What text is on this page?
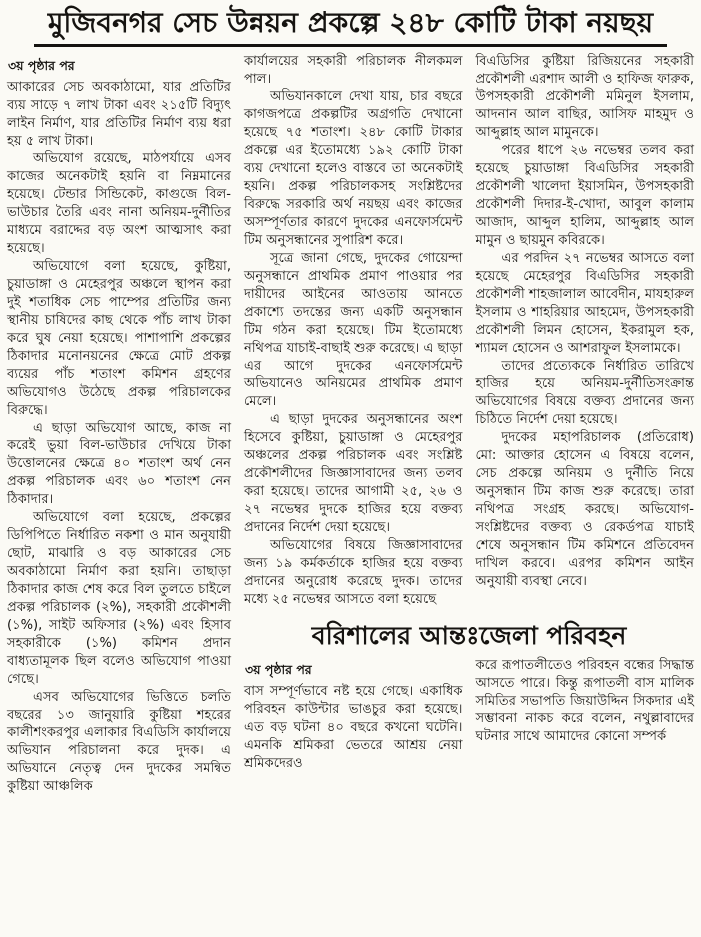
মুজিবনগর সেচ উন্নয়ন প্রকল্পে ২৪৮ কোটি টাকা নয়ছয়
৩য় পৃষ্ঠার পর

আকারের সেচ অবকাঠামো, যার প্রতিটির ব্যয় সাড়ে ৭ লাখ টাকা এবং ২১৫টি বিদ্যুৎ লাইন নির্মাণ, যার প্রতিটির নির্মাণ ব্যয় ধরা হয় ৫ লাখ টাকা।

অভিযোগ রয়েছে, মাঠপর্যায়ে এসব কাজের অনেকটাই হয়নি বা নিম্নমানের হয়েছে। টেন্ডার সিন্ডিকেট, কাগুজে বিল-ভাউচার তৈরি এবং নানা অনিয়ম-দুর্নীতির মাধ্যমে বরাদ্দের বড় অংশ আত্মসাৎ করা হয়েছে।

অভিযোগে বলা হয়েছে, কুষ্টিয়া, চুয়াডাঙ্গা ও মেহেরপুর অঞ্চলে স্থাপন করা দুই শতাধিক সেচ পাম্পের প্রতিটির জন্য স্থানীয় চাষিদের কাছ থেকে পাঁচ লাখ টাকা করে ঘুষ নেয়া হয়েছে। পাশাপাশি প্রকল্পের ঠিকাদার মনোনয়নের ক্ষেত্রে মোট প্রকল্প ব্যয়ের পাঁচ শতাংশ কমিশন গ্রহণের অভিযোগও উঠেছে প্রকল্প পরিচালকের বিরুদ্ধে।

এ ছাড়া অভিযোগ আছে, কাজ না করেই ভুয়া বিল-ভাউচার দেখিয়ে টাকা উত্তোলনের ক্ষেত্রে ৪০ শতাংশ অর্থ নেন প্রকল্প পরিচালক এবং ৬০ শতাংশ নেন ঠিকাদার।

অভিযোগে বলা হয়েছে, প্রকল্পের ডিপিপিতে নির্ধারিত নকশা ও মান অনুযায়ী ছোট, মাঝারি ও বড় আকারের সেচ অবকাঠামো নির্মাণ করা হয়নি। তাছাড়া ঠিকাদার কাজ শেষ করে বিল তুলতে চাইলে প্রকল্প পরিচালক (২%), সহকারী প্রকৌশলী (১%), সাইট অফিসার (২%) এবং হিসাব সহকারীকে (১%) কমিশন প্রদান বাধ্যতামূলক ছিল বলেও অভিযোগ পাওয়া গেছে।

এসব অভিযোগের ভিত্তিতে চলতি বছরের ১৩ জানুয়ারি কুষ্টিয়া শহরের কালীশংকরপুর এলাকার বিএডিসি কার্যালয়ে অভিযান পরিচালনা করে দুদক। এ অভিযানে নেতৃত্ব দেন দুদকের সমন্বিত কুষ্টিয়া আঞ্চলিক

কার্যালয়ের সহকারী পরিচালক নীলকমল পাল।

অভিযানকালে দেখা যায়, চার বছরে কাগজপত্রে প্রকল্পটির অগ্রগতি দেখানো হয়েছে ৭৫ শতাংশ। ২৪৮ কোটি টাকার প্রকল্পে এর ইতোমধ্যে ১৯২ কোটি টাকা ব্যয় দেখানো হলেও বাস্তবে তা অনেকটাই হয়নি। প্রকল্প পরিচালকসহ সংশ্লিষ্টদের বিরুদ্ধে সরকারি অর্থ নয়ছয় এবং কাজের অসম্পূর্ণতার কারণে দুদকের এনফোর্সমেন্ট টিম অনুসন্ধানের সুপারিশ করে।

সূত্রে জানা গেছে, দুদকের গোয়েন্দা অনুসন্ধানে প্রাথমিক প্রমাণ পাওয়ার পর দায়ীদের আইনের আওতায় আনতে প্রকাশ্যে তদন্তের জন্য একটি অনুসন্ধান টিম গঠন করা হয়েছে। টিম ইতোমধ্যে নথিপত্র যাচাই-বাছাই শুরু করেছে। এ ছাড়া এর আগে দুদকের এনফোর্সমেন্ট অভিযানেও অনিয়মের প্রাথমিক প্রমাণ মেলে।

এ ছাড়া দুদকের অনুসন্ধানের অংশ হিসেবে কুষ্টিয়া, চুয়াডাঙ্গা ও মেহেরপুর অঞ্চলের প্রকল্প পরিচালক এবং সংশ্লিষ্ট প্রকৌশলীদের জিজ্ঞাসাবাদের জন্য তলব করা হয়েছে। তাদের আগামী ২৫, ২৬ ও ২৭ নভেম্বর দুদকে হাজির হয়ে বক্তব্য প্রদানের নির্দেশ দেয়া হয়েছে।

অভিযোগের বিষয়ে জিজ্ঞাসাবাদের জন্য ১৯ কর্মকর্তাকে হাজির হয়ে বক্তব্য প্রদানের অনুরোধ করেছে দুদক। তাদের মধ্যে ২৫ নভেম্বর আসতে বলা হয়েছে

বিএডিসির কুষ্টিয়া রিজিয়নের সহকারী প্রকৌশলী এরশাদ আলী ও হাফিজ ফারুক, উপসহকারী প্রকৌশলী মমিনুল ইসলাম, আদনান আল বাছির, আসিফ মাহমুদ ও আব্দুল্লাহ আল মামুনকে।

পরের ধাপে ২৬ নভেম্বর তলব করা হয়েছে চুয়াডাঙ্গা বিএডিসির সহকারী প্রকৌশলী খালেদা ইয়াসমিন, উপসহকারী প্রকৌশলী দিদার-ই-খোদা, আবুল কালাম আজাদ, আব্দুল হালিম, আব্দুল্লাহ আল মামুন ও ছায়মুন কবিরকে।

এর পরদিন ২৭ নভেম্বর আসতে বলা হয়েছে মেহেরপুর বিএডিসির সহকারী প্রকৌশলী শাহজালাল আবেদীন, মাযহারুল ইসলাম ও শাহরিয়ার আহমেদ, উপসহকারী প্রকৌশলী লিমন হোসেন, ইকরামুল হক, শ্যামল হোসেন ও আশরাফুল ইসলামকে।

তাদের প্রত্যেককে নির্ধারিত তারিখে হাজির হয়ে অনিয়ম-দুর্নীতিসংক্রান্ত অভিযোগের বিষয়ে বক্তব্য প্রদানের জন্য চিঠিতে নির্দেশ দেয়া হয়েছে।

দুদকের মহাপরিচালক (প্রতিরোধ) মো: আক্তার হোসেন এ বিষয়ে বলেন, সেচ প্রকল্পে অনিয়ম ও দুর্নীতি নিয়ে অনুসন্ধান টিম কাজ শুরু করেছে। তারা নথিপত্র সংগ্রহ করছে। অভিযোগ-সংশ্লিষ্টদের বক্তব্য ও রেকর্ডপত্র যাচাই শেষে অনুসন্ধান টিম কমিশনে প্রতিবেদন দাখিল করবে। এরপর কমিশন আইন অনুযায়ী ব্যবস্থা নেবে।

বরিশালের আন্তঃজেলা পরিবহন
৩য় পৃষ্ঠার পর

বাস সম্পূর্ণভাবে নষ্ট হয়ে গেছে। একাধিক পরিবহন কাউন্টার ভাঙচুর করা হয়েছে। এত বড় ঘটনা ৪০ বছরে কখনো ঘটেনি। এমনকি শ্রমিকরা ভেতরে আশ্রয় নেয়া শ্রমিকদেরও

করে রূপাতলীতেও পরিবহন বন্ধের সিদ্ধান্ত আসতে পারে। কিন্তু রূপাতলী বাস মালিক সমিতির সভাপতি জিয়াউদ্দিন সিকদার এই সম্ভাবনা নাকচ করে বলেন, নথুল্লাবাদের ঘটনার সাথে আমাদের কোনো সম্পর্ক
